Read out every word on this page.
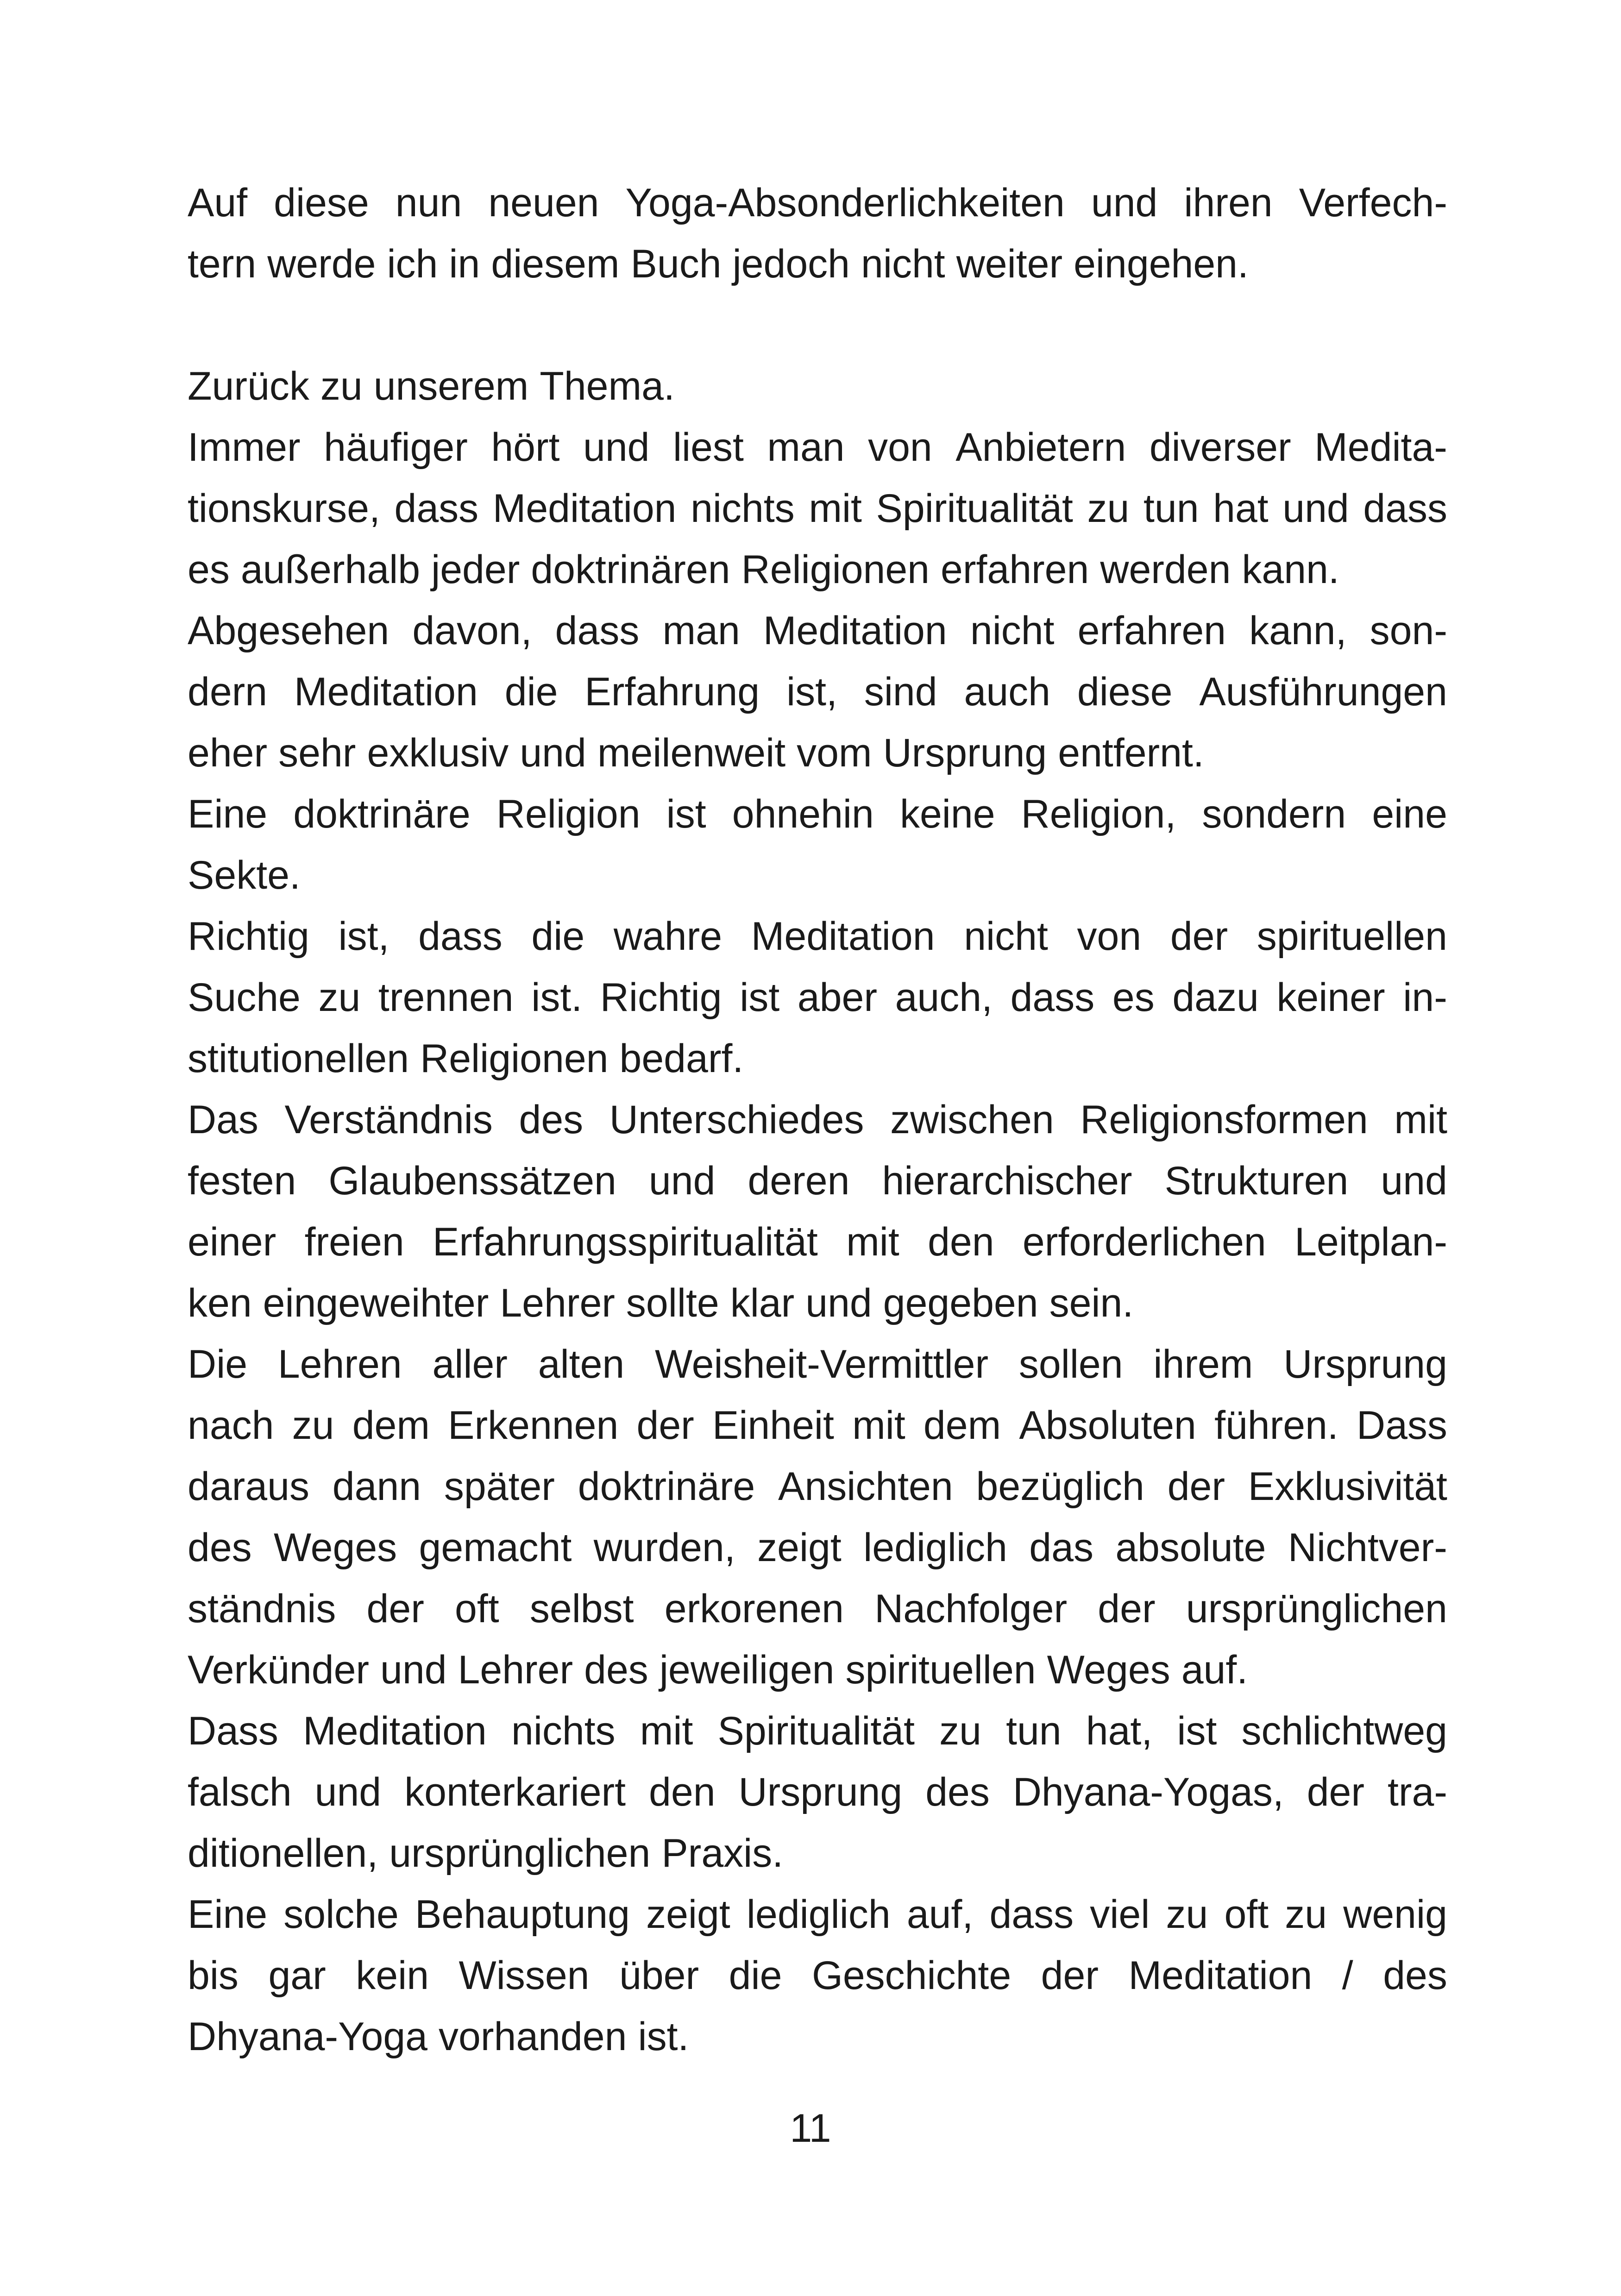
Auf diese nun neuen Yoga-Absonderlichkeiten und ihren Verfech-
tern werde ich in diesem Buch jedoch nicht weiter eingehen.
Zurück zu unserem Thema.
Immer häufiger hört und liest man von Anbietern diverser Medita-
tionskurse, dass Meditation nichts mit Spiritualität zu tun hat und dass
es außerhalb jeder doktrinären Religionen erfahren werden kann.
Abgesehen davon, dass man Meditation nicht erfahren kann, son-
dern Meditation die Erfahrung ist, sind auch diese Ausführungen
eher sehr exklusiv und meilenweit vom Ursprung entfernt.
Eine doktrinäre Religion ist ohnehin keine Religion, sondern eine
Sekte.
Richtig ist, dass die wahre Meditation nicht von der spirituellen
Suche zu trennen ist. Richtig ist aber auch, dass es dazu keiner in-
stitutionellen Religionen bedarf.
Das Verständnis des Unterschiedes zwischen Religionsformen mit
festen Glaubenssätzen und deren hierarchischer Strukturen und
einer freien Erfahrungsspiritualität mit den erforderlichen Leitplan-
ken eingeweihter Lehrer sollte klar und gegeben sein.
Die Lehren aller alten Weisheit-Vermittler sollen ihrem Ursprung
nach zu dem Erkennen der Einheit mit dem Absoluten führen. Dass
daraus dann später doktrinäre Ansichten bezüglich der Exklusivität
des Weges gemacht wurden, zeigt lediglich das absolute Nichtver-
ständnis der oft selbst erkorenen Nachfolger der ursprünglichen
Verkünder und Lehrer des jeweiligen spirituellen Weges auf.
Dass Meditation nichts mit Spiritualität zu tun hat, ist schlichtweg
falsch und konterkariert den Ursprung des Dhyana-Yogas, der tra-
ditionellen, ursprünglichen Praxis.
Eine solche Behauptung zeigt lediglich auf, dass viel zu oft zu wenig
bis gar kein Wissen über die Geschichte der Meditation / des
Dhyana-Yoga vorhanden ist.
11
